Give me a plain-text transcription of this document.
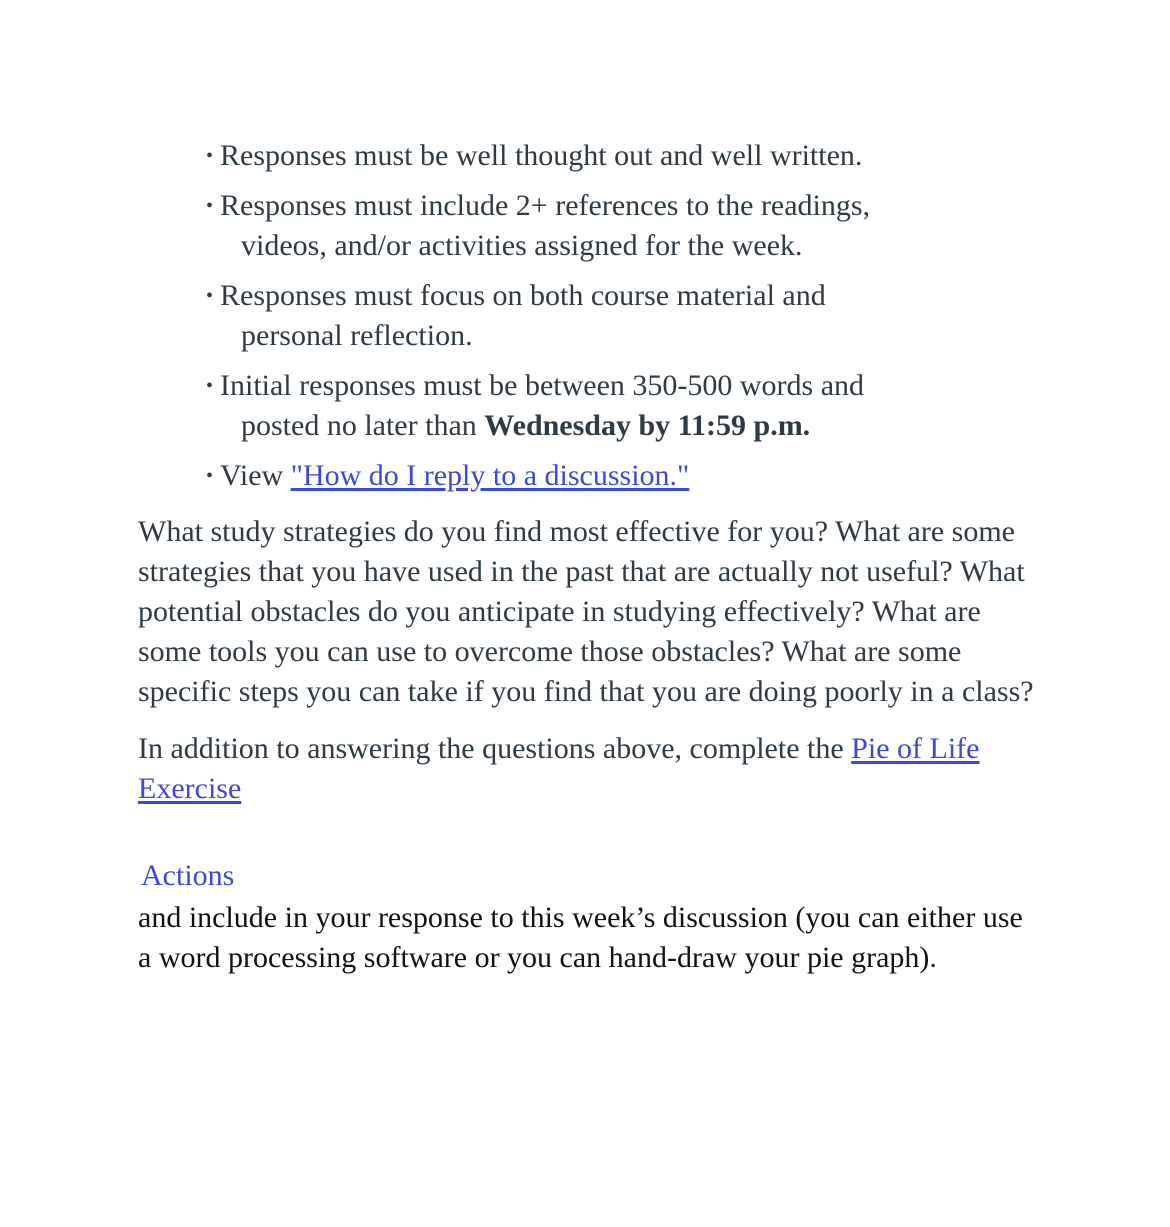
• Responses must be well thought out and well written.
• Responses must include 2+ references to the readings,
videos, and/or activities assigned for the week.
• Responses must focus on both course material and
personal reflection.
• Initial responses must be between 350-500 words and
posted no later than Wednesday by 11:59 p.m.
• View "How do I reply to a discussion."

What study strategies do you find most effective for you? What are some strategies that you have used in the past that are actually not useful? What potential obstacles do you anticipate in studying effectively? What are some tools you can use to overcome those obstacles? What are some specific steps you can take if you find that you are doing poorly in a class?

In addition to answering the questions above, complete the Pie of Life Exercise

Actions

and include in your response to this week’s discussion (you can either use a word processing software or you can hand-draw your pie graph).
